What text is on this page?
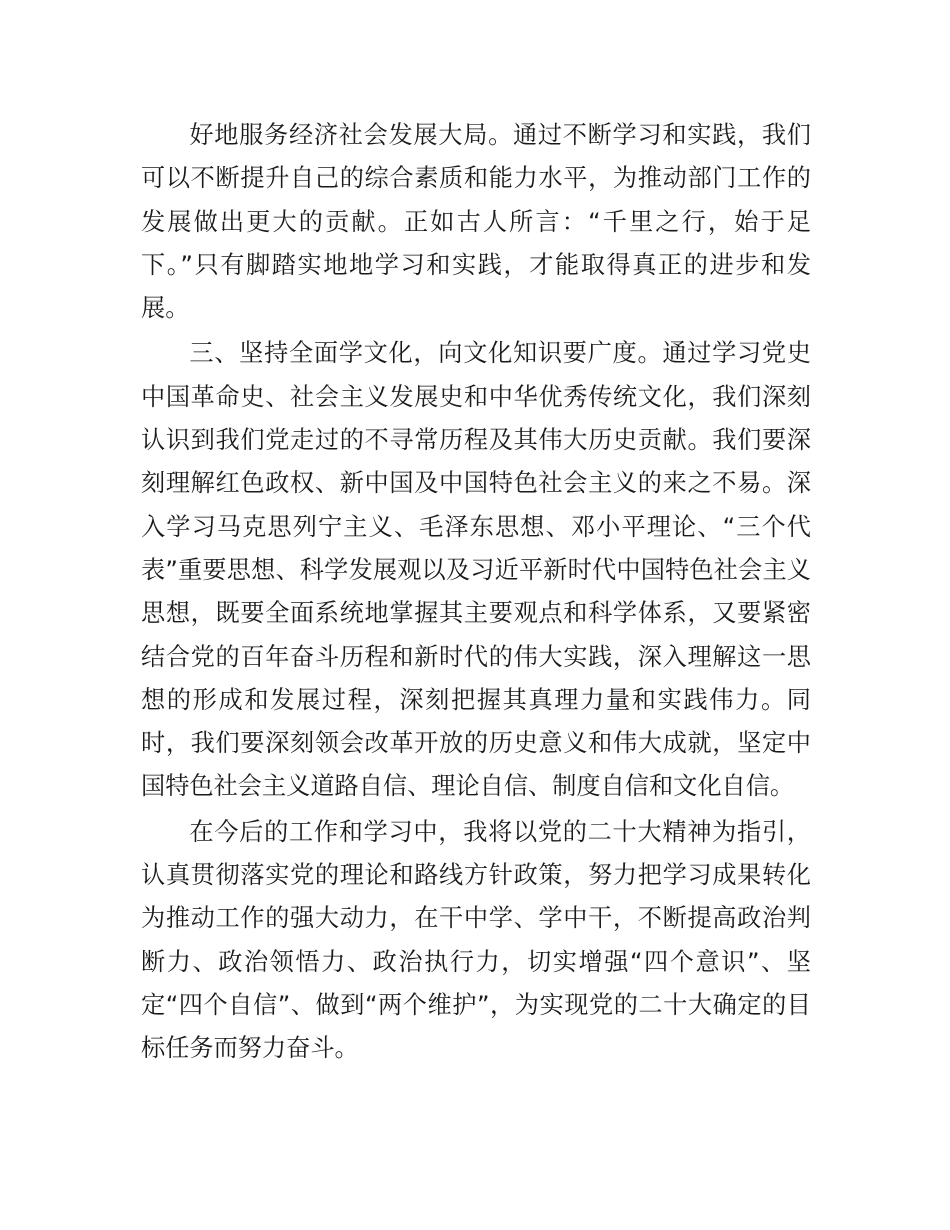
好地服务经济社会发展大局。通过不断学习和实践，我们可以不断提升自己的综合素质和能力水平，为推动部门工作的发展做出更大的贡献。正如古人所言：“千里之行，始于足下。”只有脚踏实地地学习和实践，才能取得真正的进步和发展。

三、坚持全面学文化，向文化知识要广度。通过学习党史中国革命史、社会主义发展史和中华优秀传统文化，我们深刻认识到我们党走过的不寻常历程及其伟大历史贡献。我们要深刻理解红色政权、新中国及中国特色社会主义的来之不易。深入学习马克思列宁主义、毛泽东思想、邓小平理论、“三个代表”重要思想、科学发展观以及习近平新时代中国特色社会主义思想，既要全面系统地掌握其主要观点和科学体系，又要紧密结合党的百年奋斗历程和新时代的伟大实践，深入理解这一思想的形成和发展过程，深刻把握其真理力量和实践伟力。同时，我们要深刻领会改革开放的历史意义和伟大成就，坚定中国特色社会主义道路自信、理论自信、制度自信和文化自信。

在今后的工作和学习中，我将以党的二十大精神为指引，认真贯彻落实党的理论和路线方针政策，努力把学习成果转化为推动工作的强大动力，在干中学、学中干，不断提高政治判断力、政治领悟力、政治执行力，切实增强“四个意识”、坚定“四个自信”、做到“两个维护”，为实现党的二十大确定的目标任务而努力奋斗。
